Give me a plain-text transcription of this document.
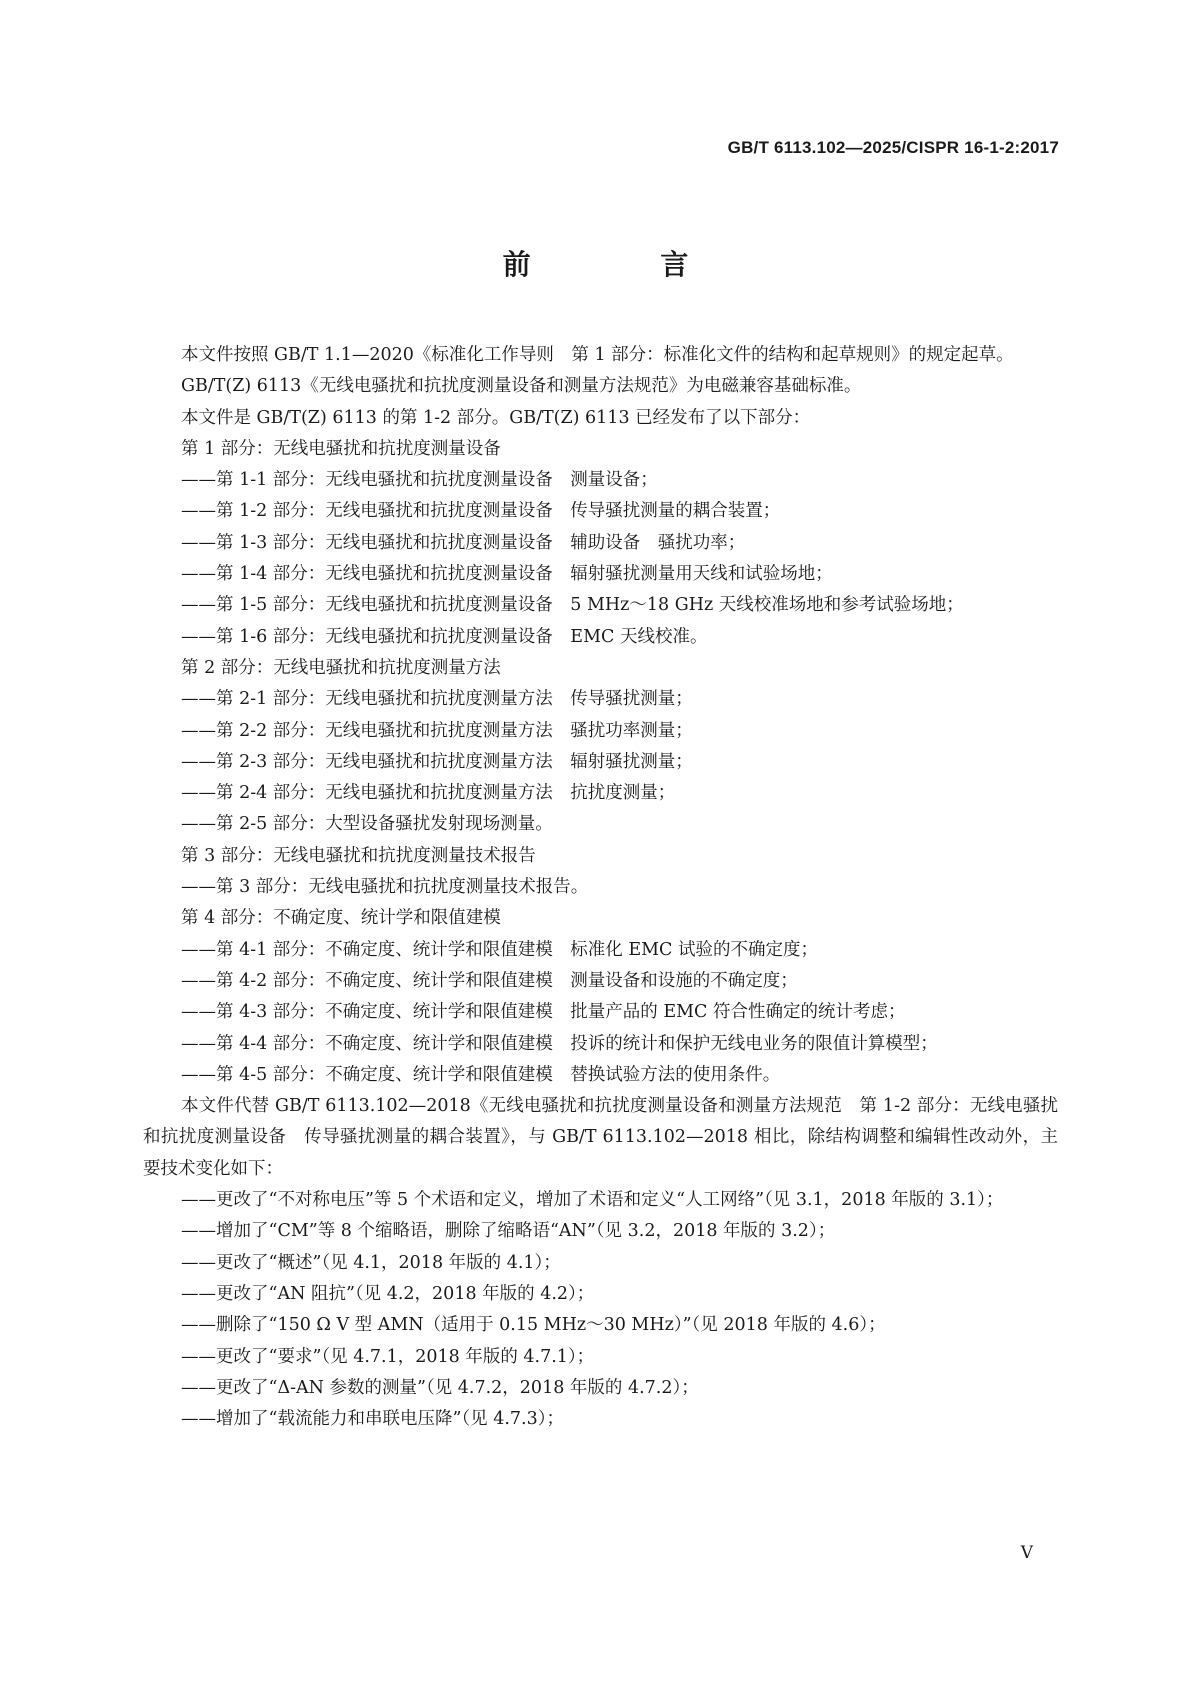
GB/T 6113.102—2025/CISPR 16-1-2:2017
前 言

本文件按照 GB/T 1.1—2020《标准化工作导则　第 1 部分：标准化文件的结构和起草规则》的规定起草。

GB/T(Z) 6113《无线电骚扰和抗扰度测量设备和测量方法规范》为电磁兼容基础标准。

本文件是 GB/T(Z) 6113 的第 1-2 部分。GB/T(Z) 6113 已经发布了以下部分：

第 1 部分：无线电骚扰和抗扰度测量设备

——第 1-1 部分：无线电骚扰和抗扰度测量设备　测量设备；

——第 1-2 部分：无线电骚扰和抗扰度测量设备　传导骚扰测量的耦合装置；

——第 1-3 部分：无线电骚扰和抗扰度测量设备　辅助设备　骚扰功率；

——第 1-4 部分：无线电骚扰和抗扰度测量设备　辐射骚扰测量用天线和试验场地；

——第 1-5 部分：无线电骚扰和抗扰度测量设备　5 MHz～18 GHz 天线校准场地和参考试验场地；

——第 1-6 部分：无线电骚扰和抗扰度测量设备　EMC 天线校准。

第 2 部分：无线电骚扰和抗扰度测量方法

——第 2-1 部分：无线电骚扰和抗扰度测量方法　传导骚扰测量；

——第 2-2 部分：无线电骚扰和抗扰度测量方法　骚扰功率测量；

——第 2-3 部分：无线电骚扰和抗扰度测量方法　辐射骚扰测量；

——第 2-4 部分：无线电骚扰和抗扰度测量方法　抗扰度测量；

——第 2-5 部分：大型设备骚扰发射现场测量。

第 3 部分：无线电骚扰和抗扰度测量技术报告

——第 3 部分：无线电骚扰和抗扰度测量技术报告。

第 4 部分：不确定度、统计学和限值建模

——第 4-1 部分：不确定度、统计学和限值建模　标准化 EMC 试验的不确定度；

——第 4-2 部分：不确定度、统计学和限值建模　测量设备和设施的不确定度；

——第 4-3 部分：不确定度、统计学和限值建模　批量产品的 EMC 符合性确定的统计考虑；

——第 4-4 部分：不确定度、统计学和限值建模　投诉的统计和保护无线电业务的限值计算模型；

——第 4-5 部分：不确定度、统计学和限值建模　替换试验方法的使用条件。

本文件代替 GB/T 6113.102—2018《无线电骚扰和抗扰度测量设备和测量方法规范　第 1-2 部分：无线电骚扰和抗扰度测量设备　传导骚扰测量的耦合装置》，与 GB/T 6113.102—2018 相比，除结构调整和编辑性改动外，主要技术变化如下：

——更改了“不对称电压”等 5 个术语和定义，增加了术语和定义“人工网络”（见 3.1，2018 年版的 3.1）；

——增加了“CM”等 8 个缩略语，删除了缩略语“AN”（见 3.2，2018 年版的 3.2）；

——更改了“概述”（见 4.1，2018 年版的 4.1）；

——更改了“AN 阻抗”（见 4.2，2018 年版的 4.2）；

——删除了“150 Ω V 型 AMN（适用于 0.15 MHz～30 MHz）”（见 2018 年版的 4.6）；

——更改了“要求”（见 4.7.1，2018 年版的 4.7.1）；

——更改了“Δ-AN 参数的测量”（见 4.7.2，2018 年版的 4.7.2）；

——增加了“载流能力和串联电压降”（见 4.7.3）；

V
